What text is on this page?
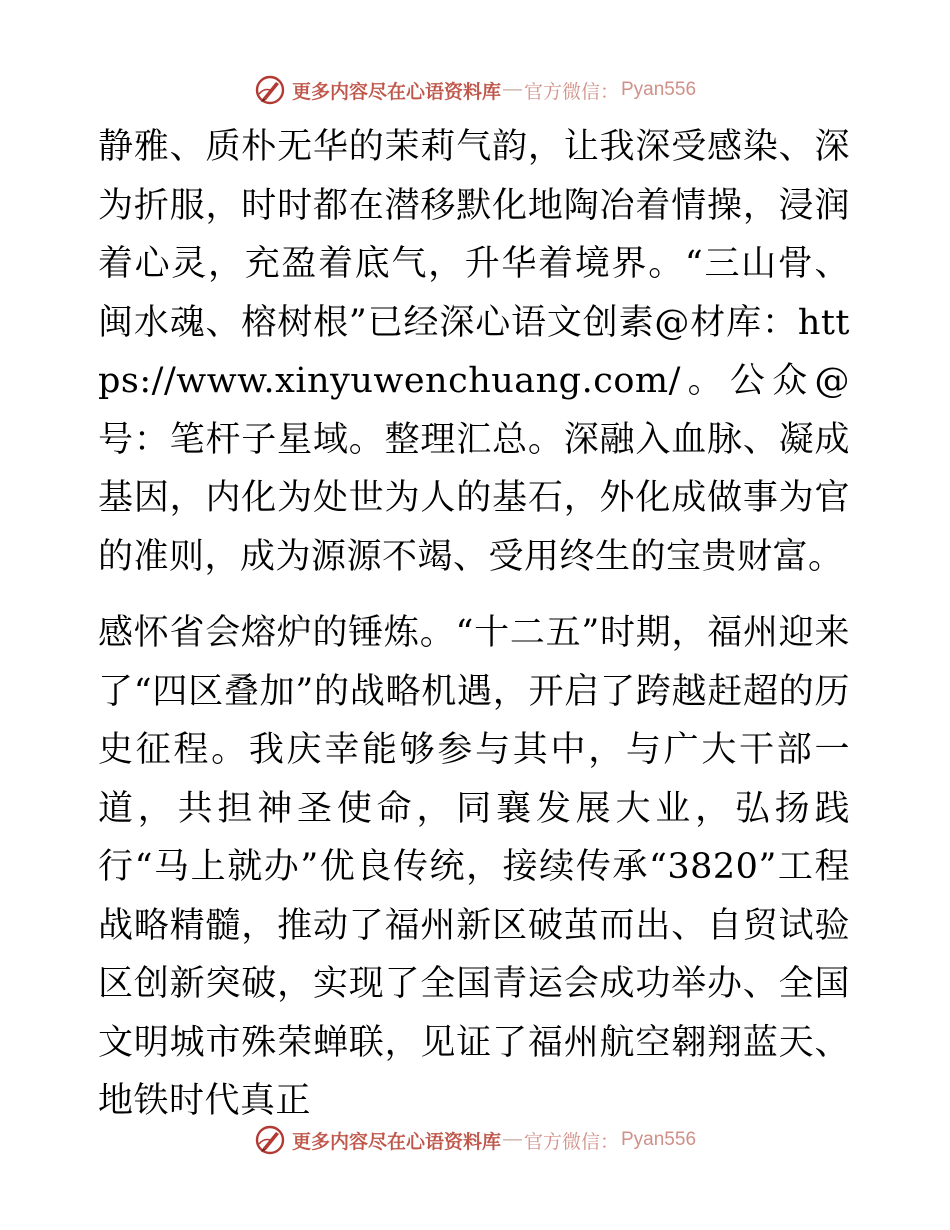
更多内容尽在心语资料库 — 官方微信： Pyan556

静雅、质朴无华的茉莉气韵，让我深受感染、深为折服，时时都在潜移默化地陶冶着情操，浸润着心灵，充盈着底气，升华着境界。“三山骨、闽水魂、榕树根”已经深心语文创素@材库：https://www.xinyuwenchuang.com/。公众@号：笔杆子星域。整理汇总。深融入血脉、凝成基因，内化为处世为人的基石，外化成做事为官的准则，成为源源不竭、受用终生的宝贵财富。

感怀省会熔炉的锤炼。“十二五”时期，福州迎来了“四区叠加”的战略机遇，开启了跨越赶超的历史征程。我庆幸能够参与其中，与广大干部一道，共担神圣使命，同襄发展大业，弘扬践行“马上就办”优良传统，接续传承“3820”工程战略精髓，推动了福州新区破茧而出、自贸试验区创新突破，实现了全国青运会成功举办、全国文明城市殊荣蝉联，见证了福州航空翱翔蓝天、地铁时代真正

更多内容尽在心语资料库 — 官方微信： Pyan556
